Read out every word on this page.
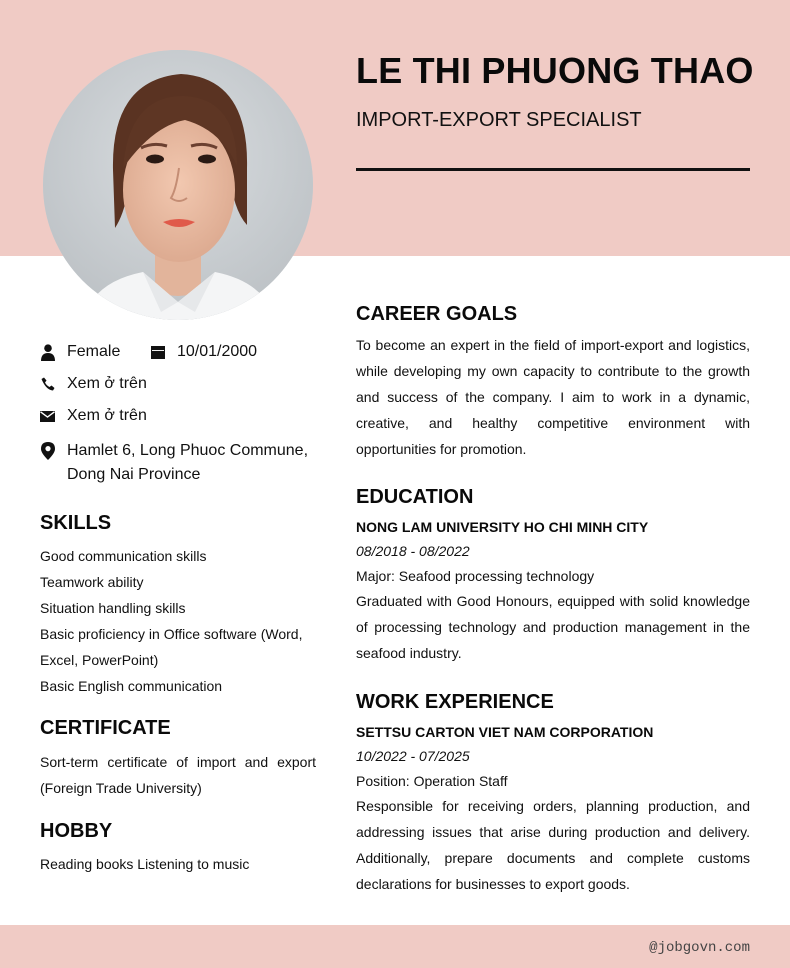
LE THI PHUONG THAO
IMPORT-EXPORT SPECIALIST
Female	10/01/2000
Xem ở trên
Xem ở trên
Hamlet 6, Long Phuoc Commune,
Dong Nai Province
SKILLS
Good communication skills
Teamwork ability
Situation handling skills
Basic proficiency in Office software (Word, Excel, PowerPoint)
Basic English communication
CERTIFICATE
Sort-term certificate of import and export (Foreign Trade University)
HOBBY
Reading books Listening to music
CAREER GOALS
To become an expert in the field of import-export and logistics, while developing my own capacity to contribute to the growth and success of the company. I aim to work in a dynamic, creative, and healthy competitive environment with opportunities for promotion.
EDUCATION
NONG LAM UNIVERSITY HO CHI MINH CITY
08/2018 - 08/2022
Major: Seafood processing technology
Graduated with Good Honours, equipped with solid knowledge of processing technology and production management in the seafood industry.
WORK EXPERIENCE
SETTSU CARTON VIET NAM CORPORATION
10/2022 - 07/2025
Position: Operation Staff
Responsible for receiving orders, planning production, and addressing issues that arise during production and delivery. Additionally, prepare documents and complete customs declarations for businesses to export goods.
@jobgovn.com
